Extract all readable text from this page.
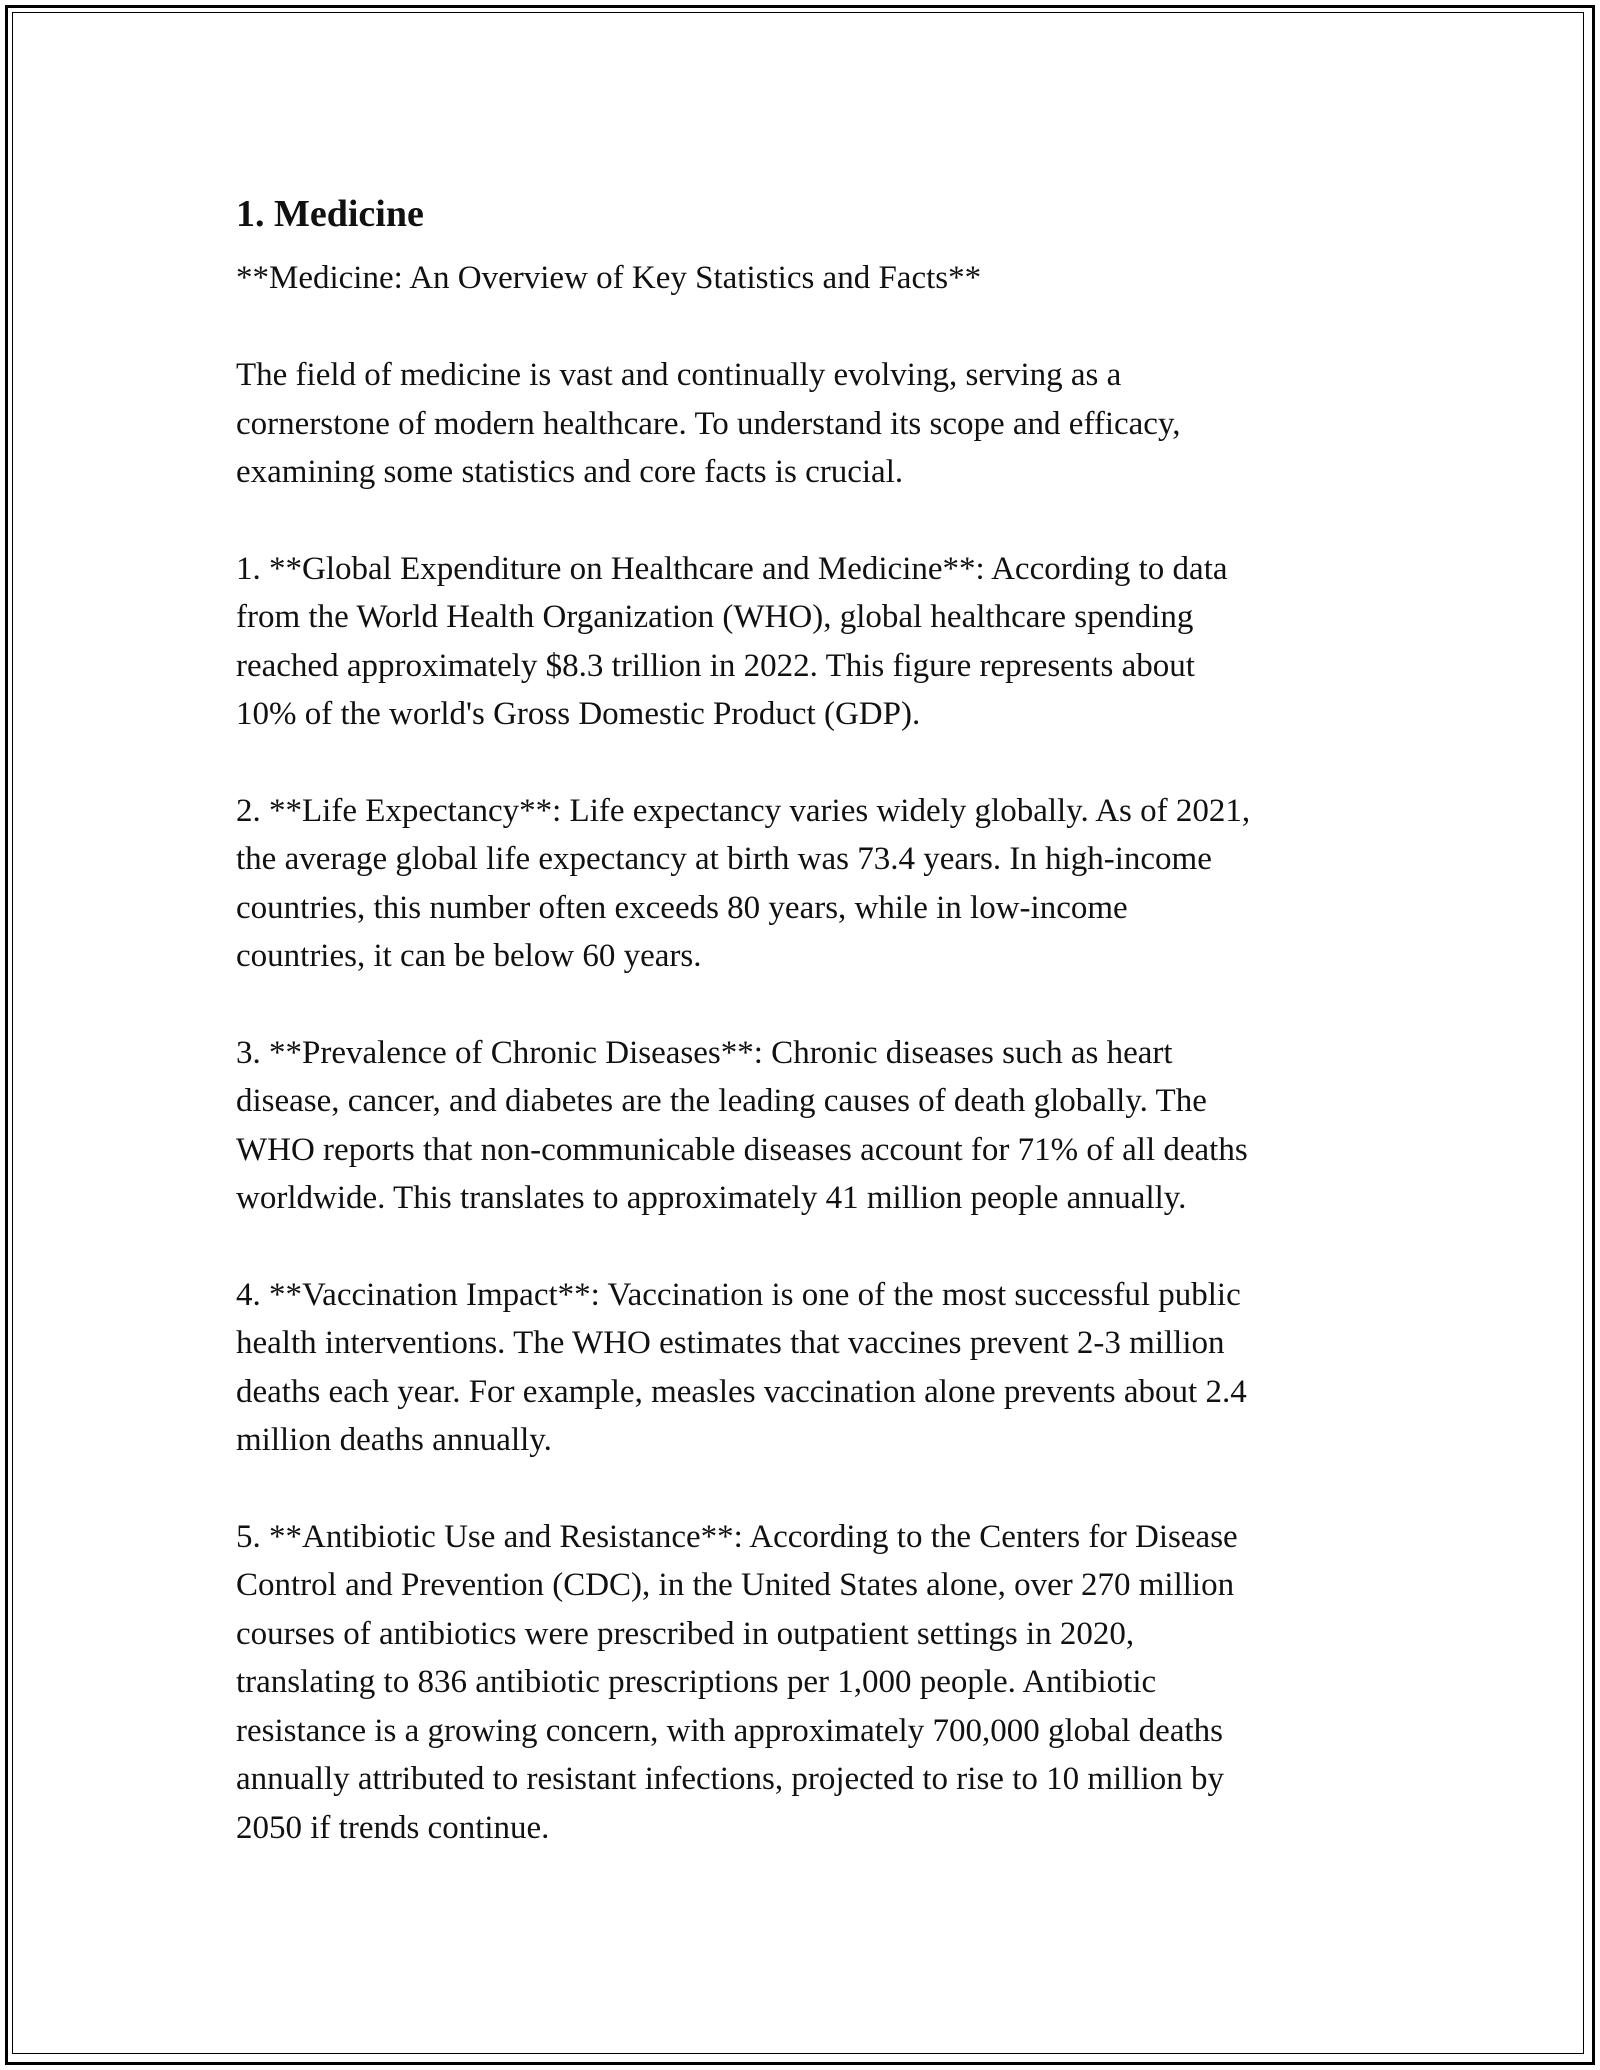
1. Medicine
**Medicine: An Overview of Key Statistics and Facts**
The field of medicine is vast and continually evolving, serving as a
cornerstone of modern healthcare. To understand its scope and efficacy,
examining some statistics and core facts is crucial.
1. **Global Expenditure on Healthcare and Medicine**: According to data
from the World Health Organization (WHO), global healthcare spending
reached approximately $8.3 trillion in 2022. This figure represents about
10% of the world's Gross Domestic Product (GDP).
2. **Life Expectancy**: Life expectancy varies widely globally. As of 2021,
the average global life expectancy at birth was 73.4 years. In high-income
countries, this number often exceeds 80 years, while in low-income
countries, it can be below 60 years.
3. **Prevalence of Chronic Diseases**: Chronic diseases such as heart
disease, cancer, and diabetes are the leading causes of death globally. The
WHO reports that non-communicable diseases account for 71% of all deaths
worldwide. This translates to approximately 41 million people annually.
4. **Vaccination Impact**: Vaccination is one of the most successful public
health interventions. The WHO estimates that vaccines prevent 2-3 million
deaths each year. For example, measles vaccination alone prevents about 2.4
million deaths annually.
5. **Antibiotic Use and Resistance**: According to the Centers for Disease
Control and Prevention (CDC), in the United States alone, over 270 million
courses of antibiotics were prescribed in outpatient settings in 2020,
translating to 836 antibiotic prescriptions per 1,000 people. Antibiotic
resistance is a growing concern, with approximately 700,000 global deaths
annually attributed to resistant infections, projected to rise to 10 million by
2050 if trends continue.
